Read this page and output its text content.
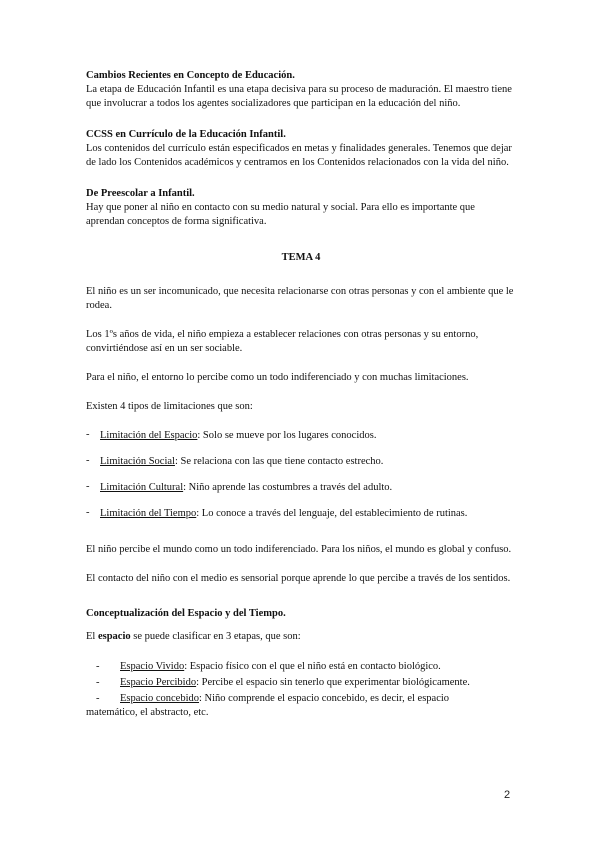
Cambios Recientes en Concepto de Educación.

La etapa de Educación Infantil es una etapa decisiva para su proceso de maduración. El maestro tiene que involucrar a todos los agentes socializadores que participan en la educación del niño.

CCSS en Currículo de la Educación Infantil.

Los contenidos del currículo están especificados en metas y finalidades generales. Tenemos que dejar de lado los Contenidos académicos y centramos en los Contenidos relacionados con la vida del niño.

De Preescolar a Infantil.

Hay que poner al niño en contacto con su medio natural y social. Para ello es importante que aprendan conceptos de forma significativa.

TEMA 4

El niño es un ser incomunicado, que necesita relacionarse con otras personas y con el ambiente que le rodea.

Los 1ºs años de vida, el niño empieza a establecer relaciones con otras personas y su entorno, convirtiéndose así en un ser sociable.

Para el niño, el entorno lo percibe como un todo indiferenciado y con muchas limitaciones.

Existen 4 tipos de limitaciones que son:

- Limitación del Espacio: Solo se mueve por los lugares conocidos.
- Limitación Social: Se relaciona con las que tiene contacto estrecho.
- Limitación Cultural: Niño aprende las costumbres a través del adulto.
- Limitación del Tiempo: Lo conoce a través del lenguaje, del establecimiento de rutinas.

El niño percibe el mundo como un todo indiferenciado. Para los niños, el mundo es global y confuso.

El contacto del niño con el medio es sensorial porque aprende lo que percibe a través de los sentidos.

Conceptualización del Espacio y del Tiempo.

El espacio se puede clasificar en 3 etapas, que son:

- Espacio Vivido: Espacio físico con el que el niño está en contacto biológico.
- Espacio Percibido: Percibe el espacio sin tenerlo que experimentar biológicamente.
- Espacio concebido: Niño comprende el espacio concebido, es decir, el espacio
matemático, el abstracto, etc.
2
